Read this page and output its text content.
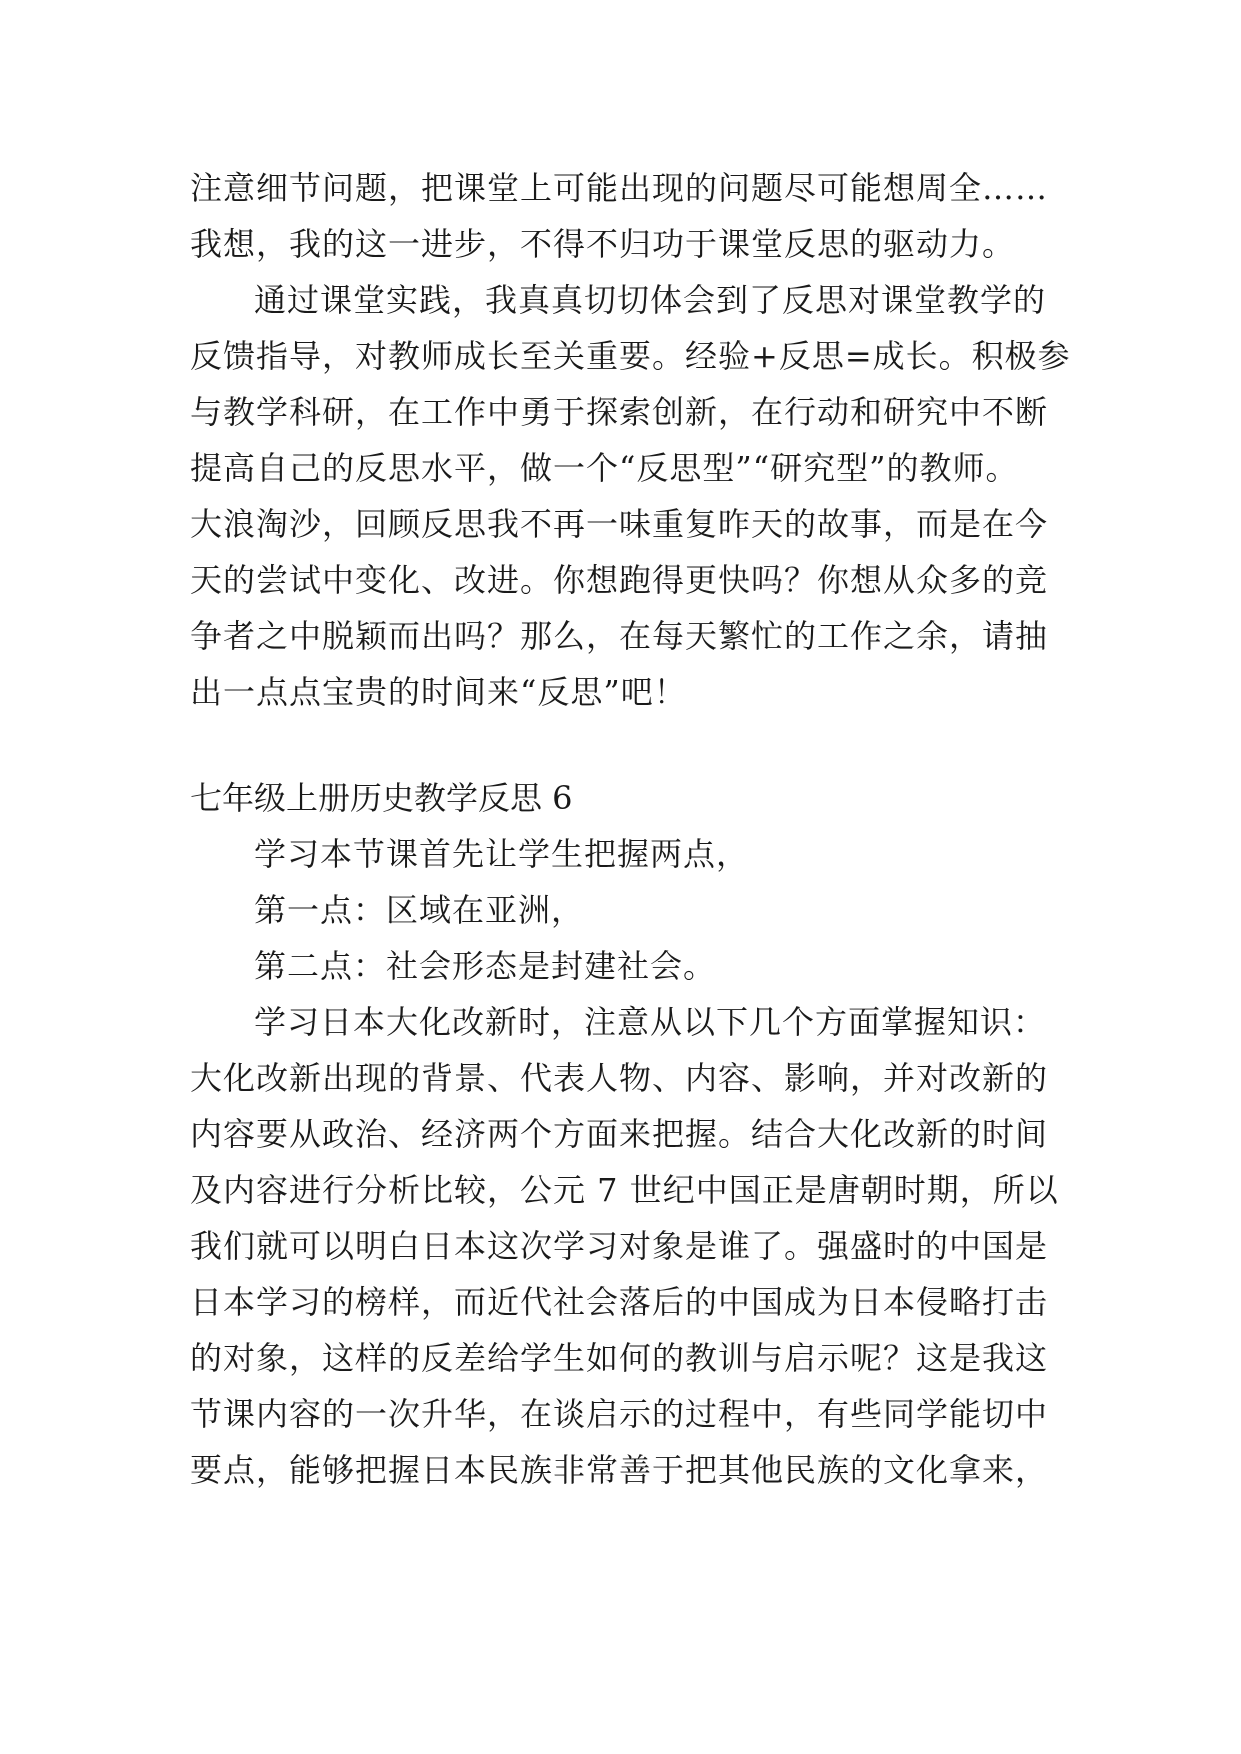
注意细节问题，把课堂上可能出现的问题尽可能想周全……
我想，我的这一进步，不得不归功于课堂反思的驱动力。
通过课堂实践，我真真切切体会到了反思对课堂教学的
反馈指导，对教师成长至关重要。经验+反思=成长。积极参
与教学科研，在工作中勇于探索创新，在行动和研究中不断
提高自己的反思水平，做一个“反思型”“研究型”的教师。
大浪淘沙，回顾反思我不再一味重复昨天的故事，而是在今
天的尝试中变化、改进。你想跑得更快吗？你想从众多的竞
争者之中脱颖而出吗？那么，在每天繁忙的工作之余，请抽
出一点点宝贵的时间来“反思”吧！
七年级上册历史教学反思 6
学习本节课首先让学生把握两点，
第一点：区域在亚洲，
第二点：社会形态是封建社会。
学习日本大化改新时，注意从以下几个方面掌握知识：
大化改新出现的背景、代表人物、内容、影响，并对改新的
内容要从政治、经济两个方面来把握。结合大化改新的时间
及内容进行分析比较，公元 7 世纪中国正是唐朝时期，所以
我们就可以明白日本这次学习对象是谁了。强盛时的中国是
日本学习的榜样，而近代社会落后的中国成为日本侵略打击
的对象，这样的反差给学生如何的教训与启示呢？这是我这
节课内容的一次升华，在谈启示的过程中，有些同学能切中
要点，能够把握日本民族非常善于把其他民族的文化拿来，
